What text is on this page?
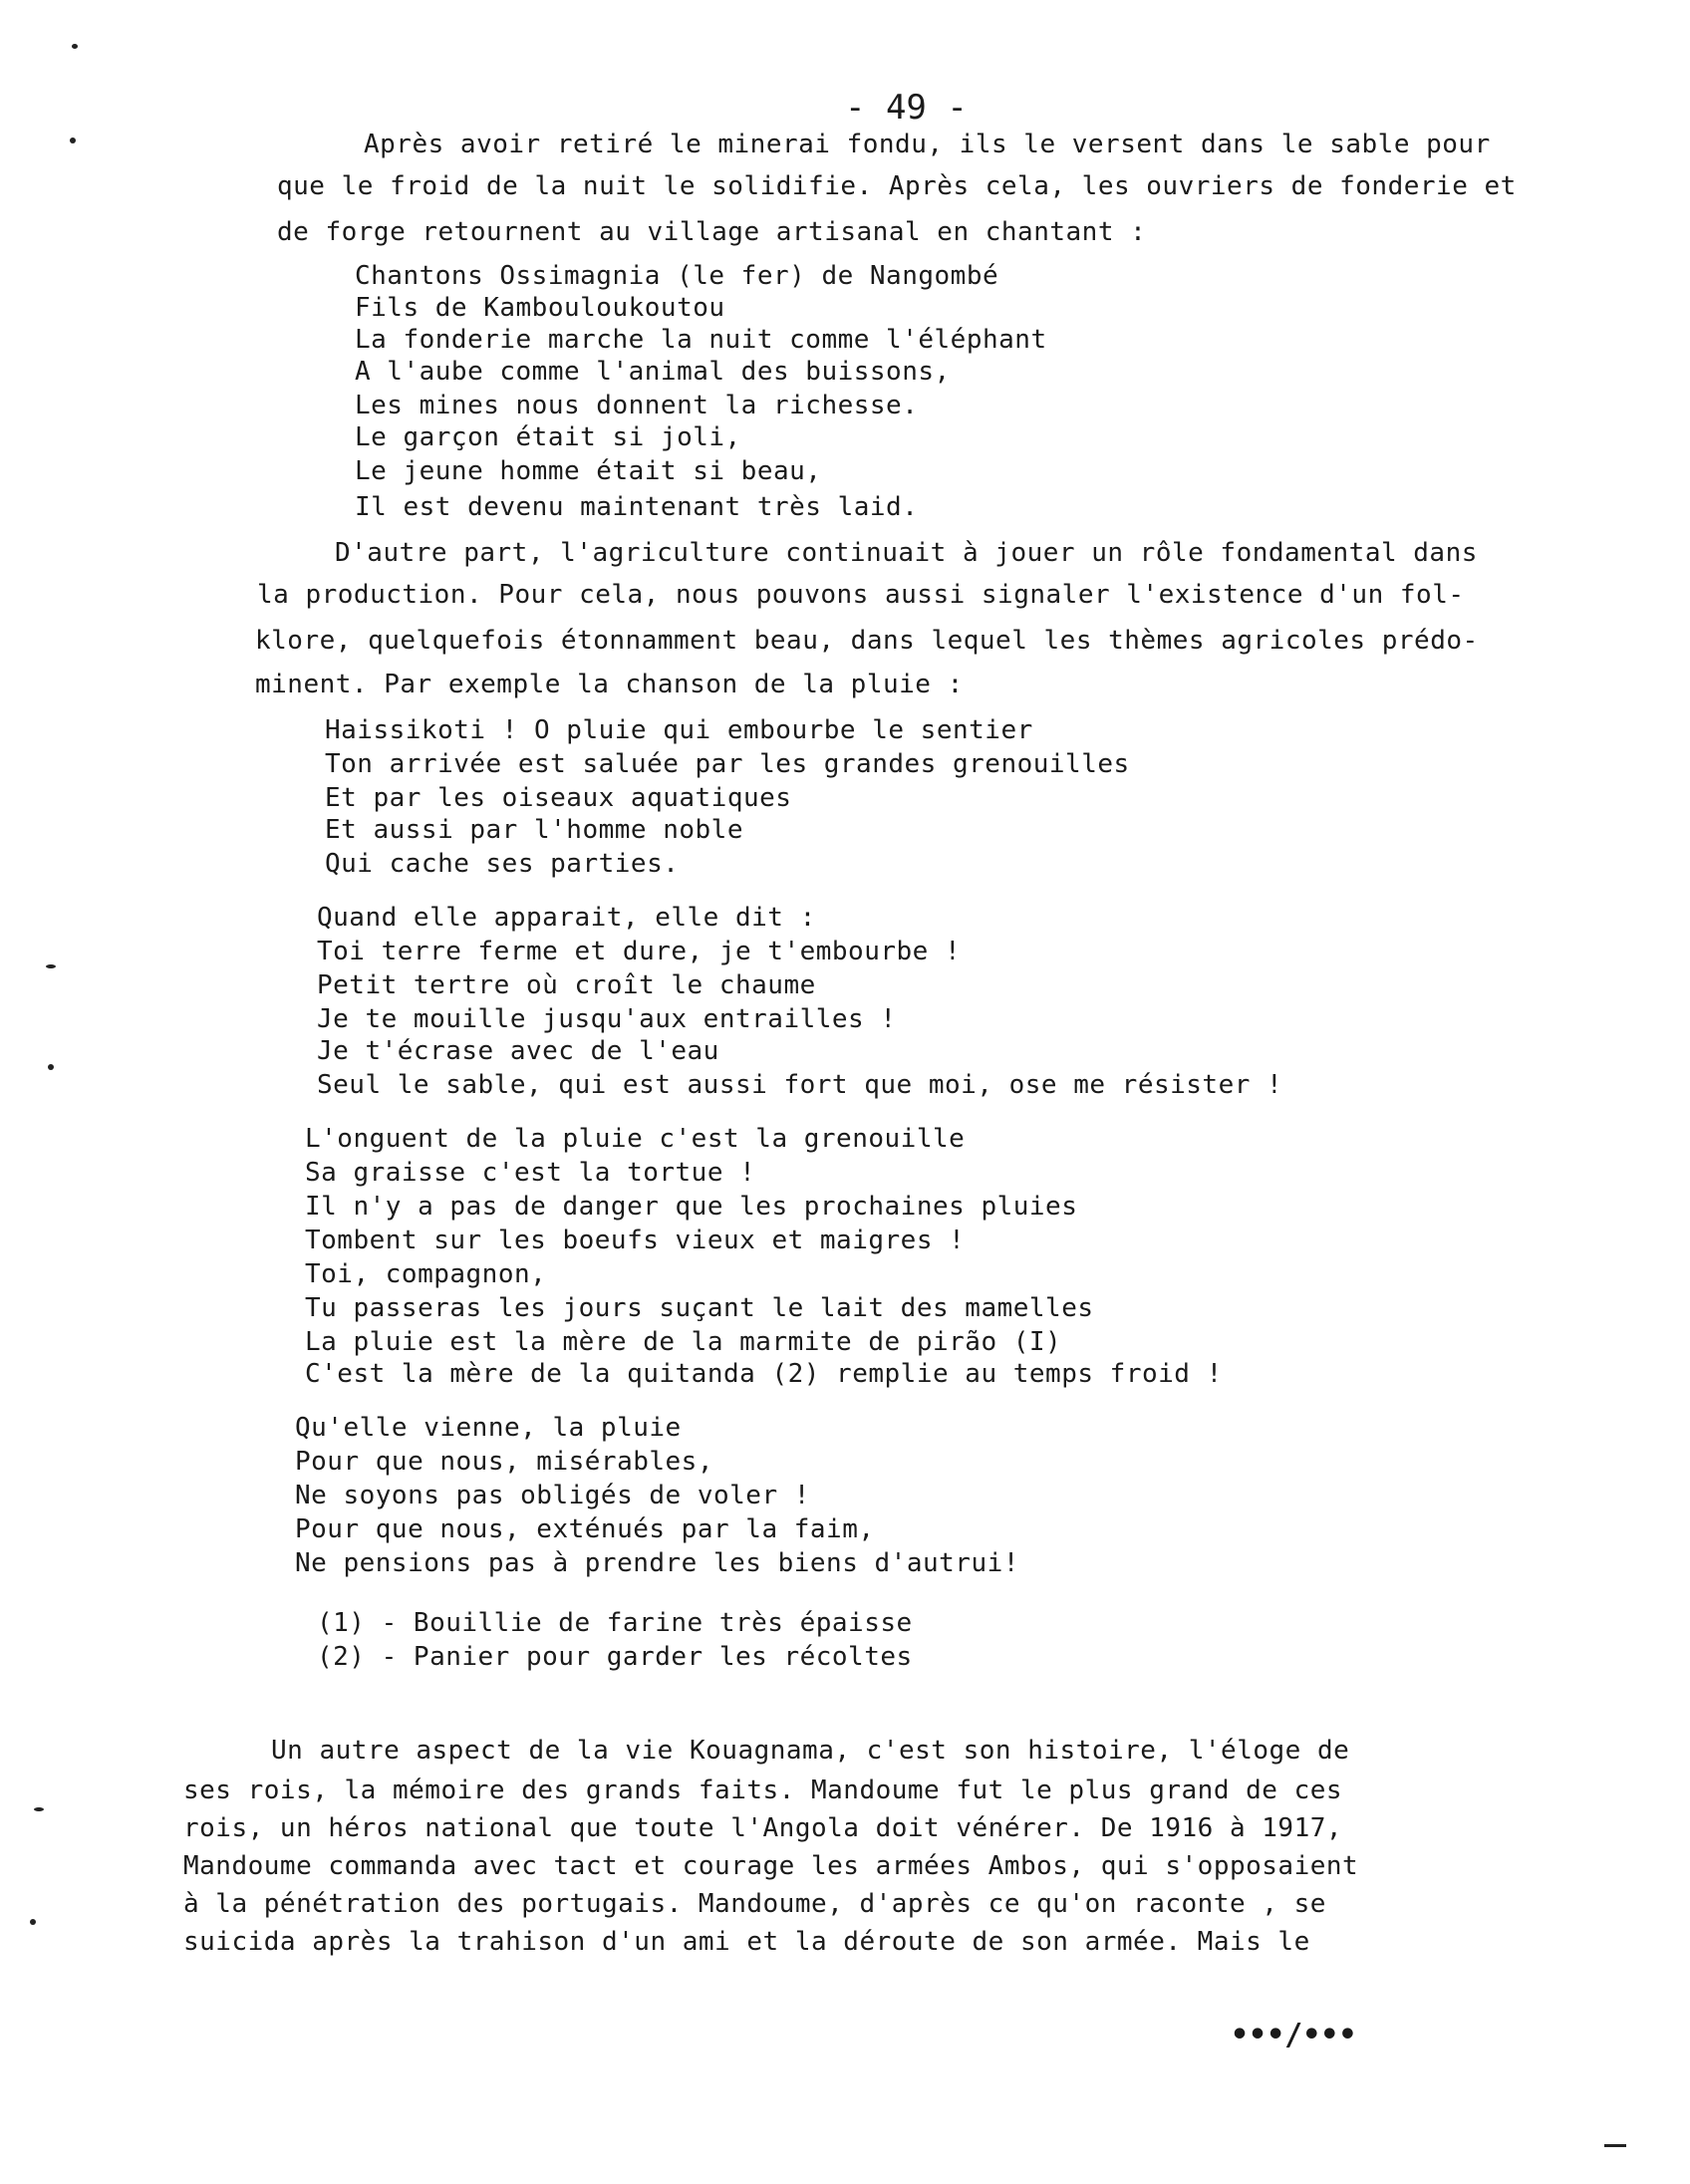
- 49 -
Après avoir retiré le minerai fondu, ils le versent dans le sable pour
que le froid de la nuit le solidifie. Après cela, les ouvriers de fonderie et
de forge retournent au village artisanal en chantant :
Chantons Ossimagnia (le fer) de Nangombé
Fils de Kambouloukoutou
La fonderie marche la nuit comme l'éléphant
A l'aube comme l'animal des buissons,
Les mines nous donnent la richesse.
Le garçon était si joli,
Le jeune homme était si beau,
Il est devenu maintenant très laid.
D'autre part, l'agriculture continuait à jouer un rôle fondamental dans
la production. Pour cela, nous pouvons aussi signaler l'existence d'un fol-
klore, quelquefois étonnamment beau, dans lequel les thèmes agricoles prédo-
minent. Par exemple la chanson de la pluie :
Haissikoti ! O pluie qui embourbe le sentier
Ton arrivée est saluée par les grandes grenouilles
Et par les oiseaux aquatiques
Et aussi par l'homme noble
Qui cache ses parties.
Quand elle apparait, elle dit :
Toi terre ferme et dure, je t'embourbe !
Petit tertre où croît le chaume
Je te mouille jusqu'aux entrailles !
Je t'écrase avec de l'eau
Seul le sable, qui est aussi fort que moi, ose me résister !
L'onguent de la pluie c'est la grenouille
Sa graisse c'est la tortue !
Il n'y a pas de danger que les prochaines pluies
Tombent sur les boeufs vieux et maigres !
Toi, compagnon,
Tu passeras les jours suçant le lait des mamelles
La pluie est la mère de la marmite de pirão (I)
C'est la mère de la quitanda (2) remplie au temps froid !
Qu'elle vienne, la pluie
Pour que nous, misérables,
Ne soyons pas obligés de voler !
Pour que nous, exténués par la faim,
Ne pensions pas à prendre les biens d'autrui!
(1) - Bouillie de farine très épaisse
(2) - Panier pour garder les récoltes
Un autre aspect de la vie Kouagnama, c'est son histoire, l'éloge de
ses rois, la mémoire des grands faits. Mandoume fut le plus grand de ces
rois, un héros national que toute l'Angola doit vénérer. De 1916 à 1917,
Mandoume commanda avec tact et courage les armées Ambos, qui s'opposaient
à la pénétration des portugais. Mandoume, d'après ce qu'on raconte , se
suicida après la trahison d'un ami et la déroute de son armée. Mais le
•••/•••
